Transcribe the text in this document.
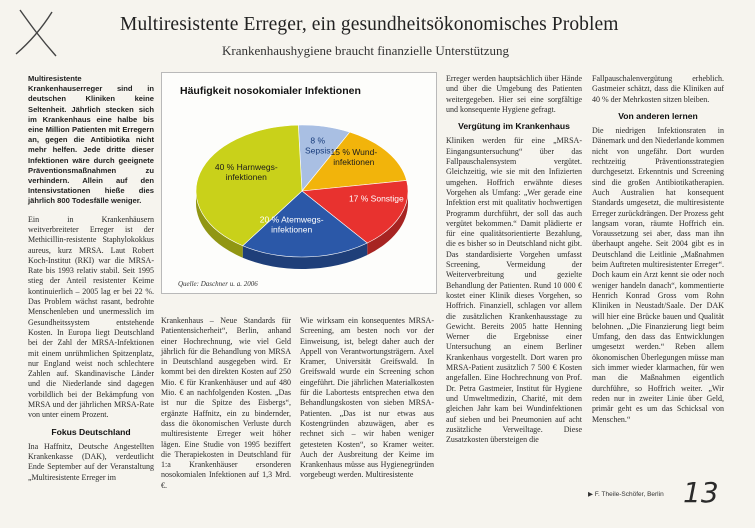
Multiresistente Erreger, ein gesundheitsökonomisches Problem
Krankenhaushygiene braucht finanzielle Unterstützung

Multiresistente Krankenhauserreger sind in deutschen Kliniken keine Seltenheit. Jährlich stecken sich im Krankenhaus eine halbe bis eine Million Patienten mit Erregern an, gegen die Antibiotika nicht mehr helfen. Jede dritte dieser Infektionen wäre durch geeignete Präventionsmaßnahmen zu verhindern. Allein auf den Intensivstationen hieße dies jährlich 800 Todesfälle weniger.

Ein in Krankenhäusern weitverbreiteter Erreger ist der Methicillin-resistente Staphylokokkus aureus, kurz MRSA. Laut Robert Koch-Institut (RKI) war die MRSA-Rate bis 1993 relativ stabil. Seit 1995 stieg der Anteil resistenter Keime kontinuierlich – 2005 lag er bei 22 %. Das Problem wächst rasant, bedrohte Menschenleben und unermesslich im Gesundheitssystem entstehende Kosten. In Europa liegt Deutschland bei der Zahl der MRSA-Infektionen mit einem unrühmlichen Spitzenplatz, nur England weist noch schlechtere Zahlen auf. Skandinavische Länder und die Niederlande sind dagegen vorbildlich bei der Bekämpfung von MRSA und der jährlichen MRSA-Rate von unter einem Prozent.

Fokus Deutschland

Ina Haffnitz, Deutsche Angestellten Krankenkasse (DAK), verdeutlicht Ende September auf der Veranstaltung „Multiresistente Erreger im

Häufigkeit nosokomialer Infektionen
8 % Sepsis 15 % Wund-infektionen
17 % Sonstige
20 % Atemwegs-infektionen
40 % Harnwegs-infektionen
Quelle: Daschner u. a. 2006

Krankenhaus – Neue Standards für Patientensicherheit“, Berlin, anhand einer Hochrechnung, wie viel Geld jährlich für die Behandlung von MRSA in Deutschland ausgegeben wird. Er kommt bei den direkten Kosten auf 250 Mio. € für Krankenhäuser und auf 480 Mio. € an nachfolgenden Kosten. „Das ist nur die Spitze des Eisbergs“, ergänzte Haffnitz, ein zu bindernder, dass die ökonomischen Verluste durch multiresistente Erreger weit höher lägen. Eine Studie von 1995 beziffert die Therapiekosten in Deutschland für 1:a Krankenhäuser ersonderen nosokomialen Infektionen auf 1,3 Mrd. €.

Wie wirksam ein konsequentes MRSA-Screening, am besten noch vor der Einweisung, ist, belegt daher auch der Appell von Verantwortungsträgern. Axel Kramer, Universität Greifswald. In Greifswald wurde ein Screening schon eingeführt. Die jährlichen Materialkosten für die Labortests entsprechen etwa den Behandlungskosten von sieben MRSA-Patienten. „Das ist nur etwas aus Kostengründen abzuwägen, aber es rechnet sich – wir haben weniger getesteten Kosten“, so Kramer weiter. Auch der Ausbreitung der Keime im Krankenhaus müsse aus Hygienegründen vorgebeugt werden. Multiresistente

Erreger werden hauptsächlich über Hände und über die Umgebung des Patienten weitergegeben. Hier sei eine sorgfältige und konsequente Hygiene gefragt.

Vergütung im Krankenhaus

Kliniken werden für eine „MRSA-Eingangsuntersuchung“ über das Fallpauschalensystem vergütet. Gleichzeitig, wie sie mit den Infizierten umgehen. Hoffrich erwähnte dieses Vorgehen als Umfang: „Wer gerade eine Infektion erst mit qualitativ hochwertigen Programm durchführt, der soll das auch vergütet bekommen.“ Damit plädierte er für eine qualitätsorientierte Bezahlung, die es bisher so in Deutschland nicht gibt. Das standardisierte Vorgehen umfasst Screening, Vermeidung der Weiterverbreitung und gezielte Behandlung der Patienten. Rund 10 000 € kostet einer Klinik dieses Vorgehen, so Hoffrich. Finanziell, schlagen vor allem die zusätzlichen Krankenhausstage zu Gewicht. Bereits 2005 hatte Henning Werner die Ergebnisse einer Untersuchung an einem Berliner Krankenhaus vorgestellt. Dort waren pro MRSA-Patient zusätzlich 7 500 € Kosten angefallen. Eine Hochrechnung von Prof. Dr. Petra Gastmeier, Institut für Hygiene und Umweltmedizin, Charité, mit dem gleichen Jahr kam bei Wundinfektionen auf sieben und bei Pneumonien auf acht zusätzliche Verweiltage. Diese Zusatzkosten übersteigen die

Fallpauschalenvergütung erheblich. Gastmeier schätzt, dass die Kliniken auf 40 % der Mehrkosten sitzen bleiben.

Von anderen lernen

Die niedrigen Infektionsraten in Dänemark und den Niederlande kommen nicht von ungefähr. Dort wurden rechtzeitig Präventionsstrategien durchgesetzt. Erkenntnis und Screening sind die großen Antibiotikatherapien. Auch Australien hat konsequent Standards umgesetzt, die multiresistente Erreger zurückdrängen. Der Prozess geht langsam voran, räumte Hoffrich ein. Voraussetzung sei aber, dass man ihn überhaupt angehe. Seit 2004 gibt es in Deutschland die Leitlinie „Maßnahmen beim Auftreten multiresistenter Erreger“. Doch kaum ein Arzt kennt sie oder noch weniger handeln danach“, kommentierte Henrich Konrad Gross vom Rohn Kliniken in Neustadt/Saale. Der DAK will hier eine Brücke bauen und Qualität belohnen. „Die Finanzierung liegt beim Umfang, den dass das Entwicklungen umgesetzt werden.“ Reben allem ökonomischen Überlegungen müsse man sich immer wieder klarmachen, für wen man die Maßnahmen eigentlich durchführe, so Hoffrich weiter. „Wir reden nur in zweiter Linie über Geld, primär geht es um das Schicksal von Menschen.“

▶ F. Theile-Schöfer, Berlin 13
